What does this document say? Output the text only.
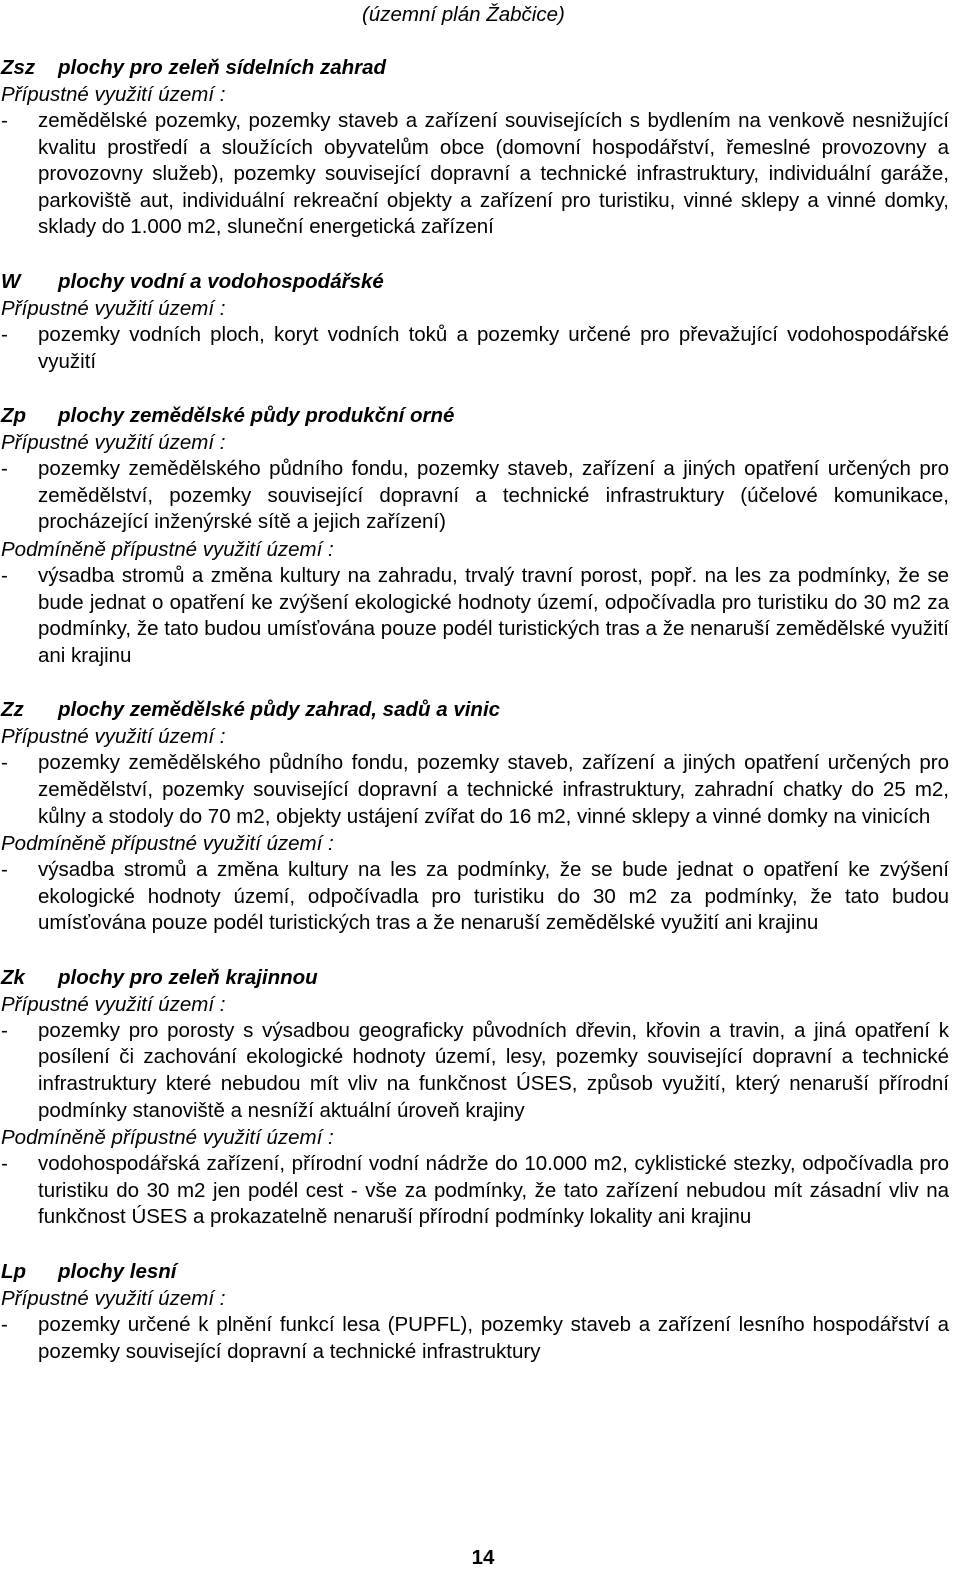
(územní plán Žabčice)
Zsz plochy pro zeleň sídelních zahrad
Přípustné využití území :
- zemědělské pozemky, pozemky staveb a zařízení souvisejících s bydlením na venkově nesnižující kvalitu prostředí a sloužících obyvatelům obce (domovní hospodářství, řemeslné provozovny a provozovny služeb), pozemky související dopravní a technické infrastruktury, individuální garáže, parkoviště aut, individuální rekreační objekty a zařízení pro turistiku, vinné sklepy a vinné domky, sklady do 1.000 m2, sluneční energetická zařízení
W plochy vodní a vodohospodářské
Přípustné využití území :
- pozemky vodních ploch, koryt vodních toků a pozemky určené pro převažující vodohospodářské využití
Zp plochy zemědělské půdy produkční orné
Přípustné využití území :
- pozemky zemědělského půdního fondu, pozemky staveb, zařízení a jiných opatření určených pro zemědělství, pozemky související dopravní a technické infrastruktury (účelové komunikace, procházející inženýrské sítě a jejich zařízení)
Podmíněně přípustné využití území :
- výsadba stromů a změna kultury na zahradu, trvalý travní porost, popř. na les za podmínky, že se bude jednat o opatření ke zvýšení ekologické hodnoty území, odpočívadla pro turistiku do 30 m2 za podmínky, že tato budou umísťována pouze podél turistických tras a že nenaruší zemědělské využití ani krajinu
Zz plochy zemědělské půdy zahrad, sadů a vinic
Přípustné využití území :
- pozemky zemědělského půdního fondu, pozemky staveb, zařízení a jiných opatření určených pro zemědělství, pozemky související dopravní a technické infrastruktury, zahradní chatky do 25 m2, kůlny a stodoly do 70 m2, objekty ustájení zvířat do 16 m2, vinné sklepy a vinné domky na vinicích
Podmíněně přípustné využití území :
- výsadba stromů a změna kultury na les za podmínky, že se bude jednat o opatření ke zvýšení ekologické hodnoty území, odpočívadla pro turistiku do 30 m2 za podmínky, že tato budou umísťována pouze podél turistických tras a že nenaruší zemědělské využití ani krajinu
Zk plochy pro zeleň krajinnou
Přípustné využití území :
- pozemky pro porosty s výsadbou geograficky původních dřevin, křovin a travin, a jiná opatření k posílení či zachování ekologické hodnoty území, lesy, pozemky související dopravní a technické infrastruktury které nebudou mít vliv na funkčnost ÚSES, způsob využití, který nenaruší přírodní podmínky stanoviště a nesníží aktuální úroveň krajiny
Podmíněně přípustné využití území :
- vodohospodářská zařízení, přírodní vodní nádrže do 10.000 m2, cyklistické stezky, odpočívadla pro turistiku do 30 m2 jen podél cest - vše za podmínky, že tato zařízení nebudou mít zásadní vliv na funkčnost ÚSES a prokazatelně nenaruší přírodní podmínky lokality ani krajinu
Lp plochy lesní
Přípustné využití území :
- pozemky určené k plnění funkcí lesa (PUPFL), pozemky staveb a zařízení lesního hospodářství a pozemky související dopravní a technické infrastruktury
14
